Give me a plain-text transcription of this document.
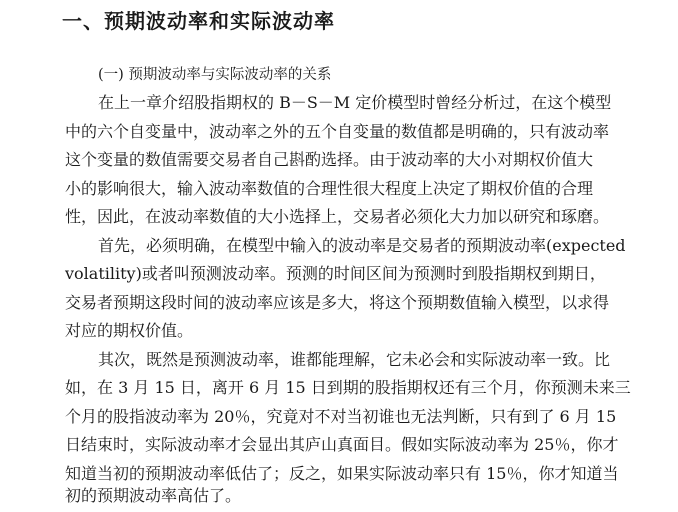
一、预期波动率和实际波动率

(一) 预期波动率与实际波动率的关系

在上一章介绍股指期权的 B－S－M 定价模型时曾经分析过，在这个模型

中的六个自变量中，波动率之外的五个自变量的数值都是明确的，只有波动率

这个变量的数值需要交易者自己斟酌选择。由于波动率的大小对期权价值大

小的影响很大，输入波动率数值的合理性很大程度上决定了期权价值的合理

性，因此，在波动率数值的大小选择上，交易者必须化大力加以研究和琢磨。

首先，必须明确，在模型中输入的波动率是交易者的预期波动率(expected

volatility)或者叫预测波动率。预测的时间区间为预测时到股指期权到期日，

交易者预期这段时间的波动率应该是多大，将这个预期数值输入模型，以求得

对应的期权价值。

其次，既然是预测波动率，谁都能理解，它未必会和实际波动率一致。比

如，在 3 月 15 日，离开 6 月 15 日到期的股指期权还有三个月，你预测未来三

个月的股指波动率为 20％，究竟对不对当初谁也无法判断，只有到了 6 月 15

日结束时，实际波动率才会显出其庐山真面目。假如实际波动率为 25％，你才

知道当初的预期波动率低估了；反之，如果实际波动率只有 15％，你才知道当

初的预期波动率高估了。
